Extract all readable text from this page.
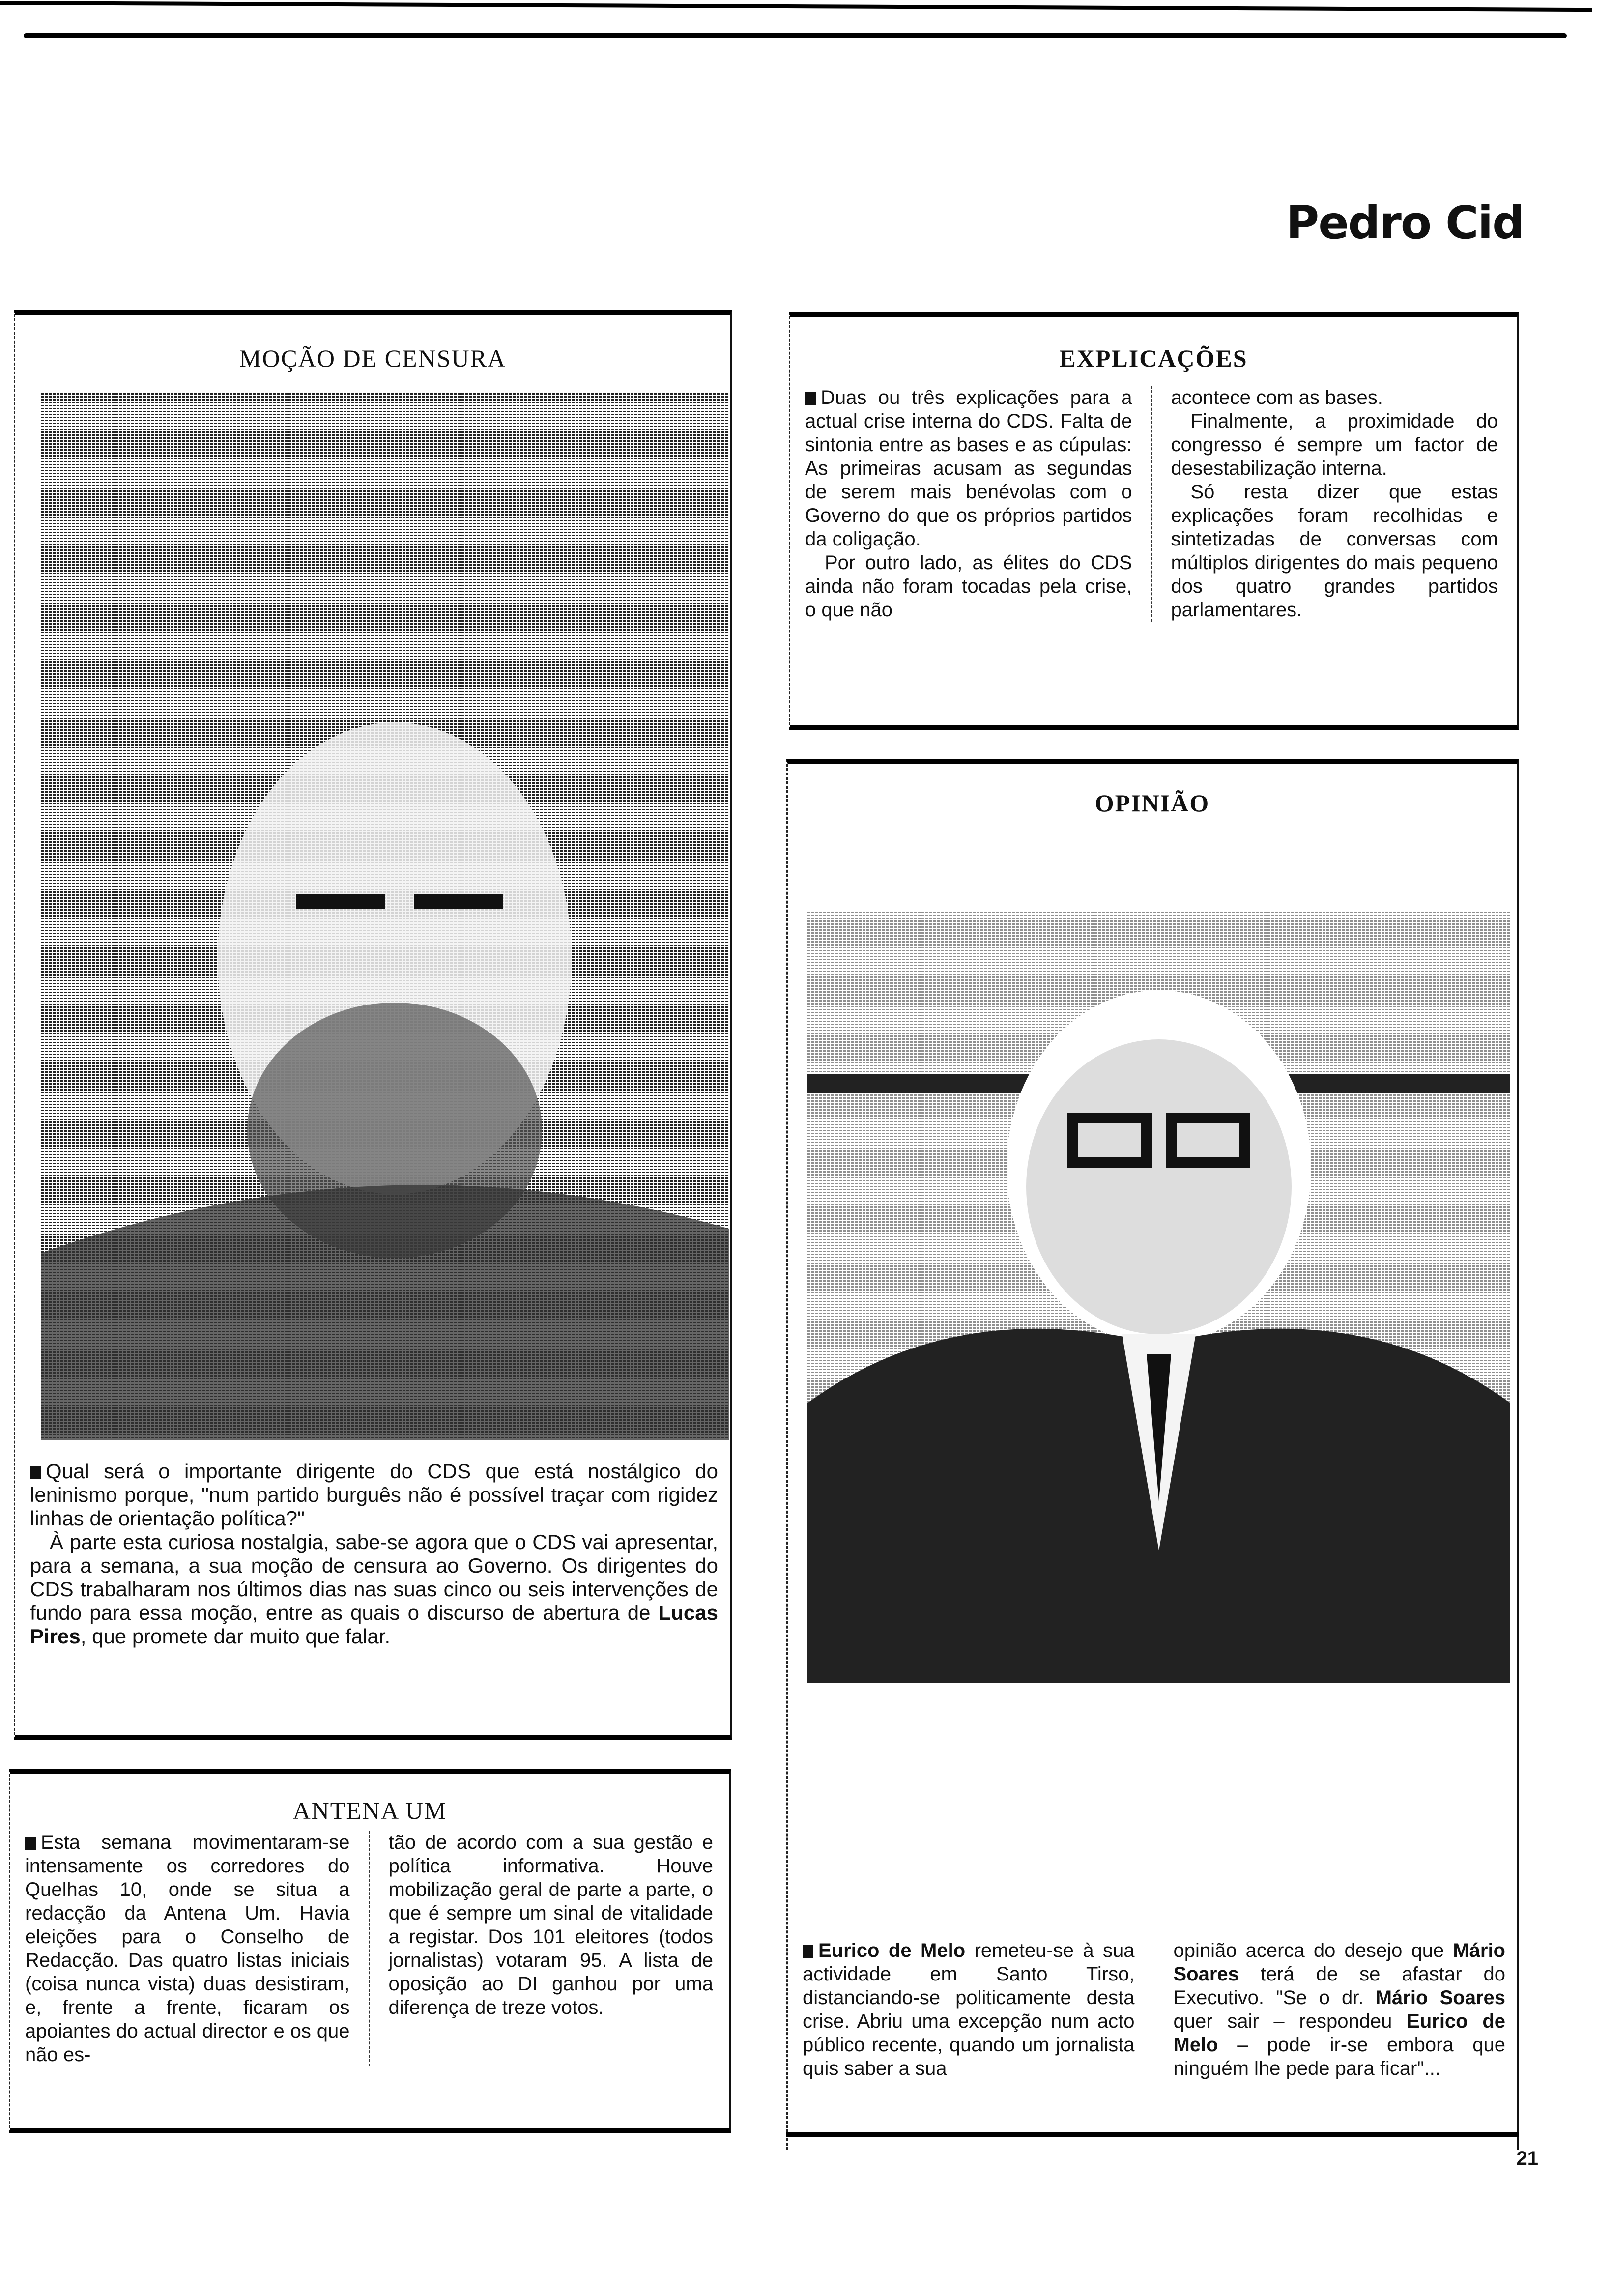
Pedro Cid
MOÇÃO DE CENSURA

Qual será o importante dirigente do CDS que está nostálgico do leninismo porque, "num partido burguês não é possível traçar com rigidez linhas de orientação política?"

À parte esta curiosa nostalgia, sabe-se agora que o CDS vai apresentar, para a semana, a sua moção de censura ao Governo. Os dirigentes do CDS trabalharam nos últimos dias nas suas cinco ou seis intervenções de fundo para essa moção, entre as quais o discurso de abertura de Lucas Pires, que promete dar muito que falar.

EXPLICAÇÕES

Duas ou três explicações para a actual crise interna do CDS. Falta de sintonia entre as bases e as cúpulas: As primeiras acusam as segundas de serem mais benévolas com o Governo do que os próprios partidos da coligação.

Por outro lado, as élites do CDS ainda não foram tocadas pela crise, o que não

acontece com as bases.

Finalmente, a proximidade do congresso é sempre um factor de desestabilização interna.

Só resta dizer que estas explicações foram recolhidas e sintetizadas de conversas com múltiplos dirigentes do mais pequeno dos quatro grandes partidos parlamentares.

OPINIÃO

Eurico de Melo remeteu-se à sua actividade em Santo Tirso, distanciando-se politicamente desta crise. Abriu uma excepção num acto público recente, quando um jornalista quis saber a sua

opinião acerca do desejo que Mário Soares terá de se afastar do Executivo. "Se o dr. Mário Soares quer sair – respondeu Eurico de Melo – pode ir-se embora que ninguém lhe pede para ficar"...

ANTENA UM

Esta semana movimentaram-se intensamente os corredores do Quelhas 10, onde se situa a redacção da Antena Um. Havia eleições para o Conselho de Redacção. Das quatro listas iniciais (coisa nunca vista) duas desistiram, e, frente a frente, ficaram os apoiantes do actual director e os que não es-

tão de acordo com a sua gestão e política informativa. Houve mobilização geral de parte a parte, o que é sempre um sinal de vitalidade a registar. Dos 101 eleitores (todos jornalistas) votaram 95. A lista de oposição ao DI ganhou por uma diferença de treze votos.

21
